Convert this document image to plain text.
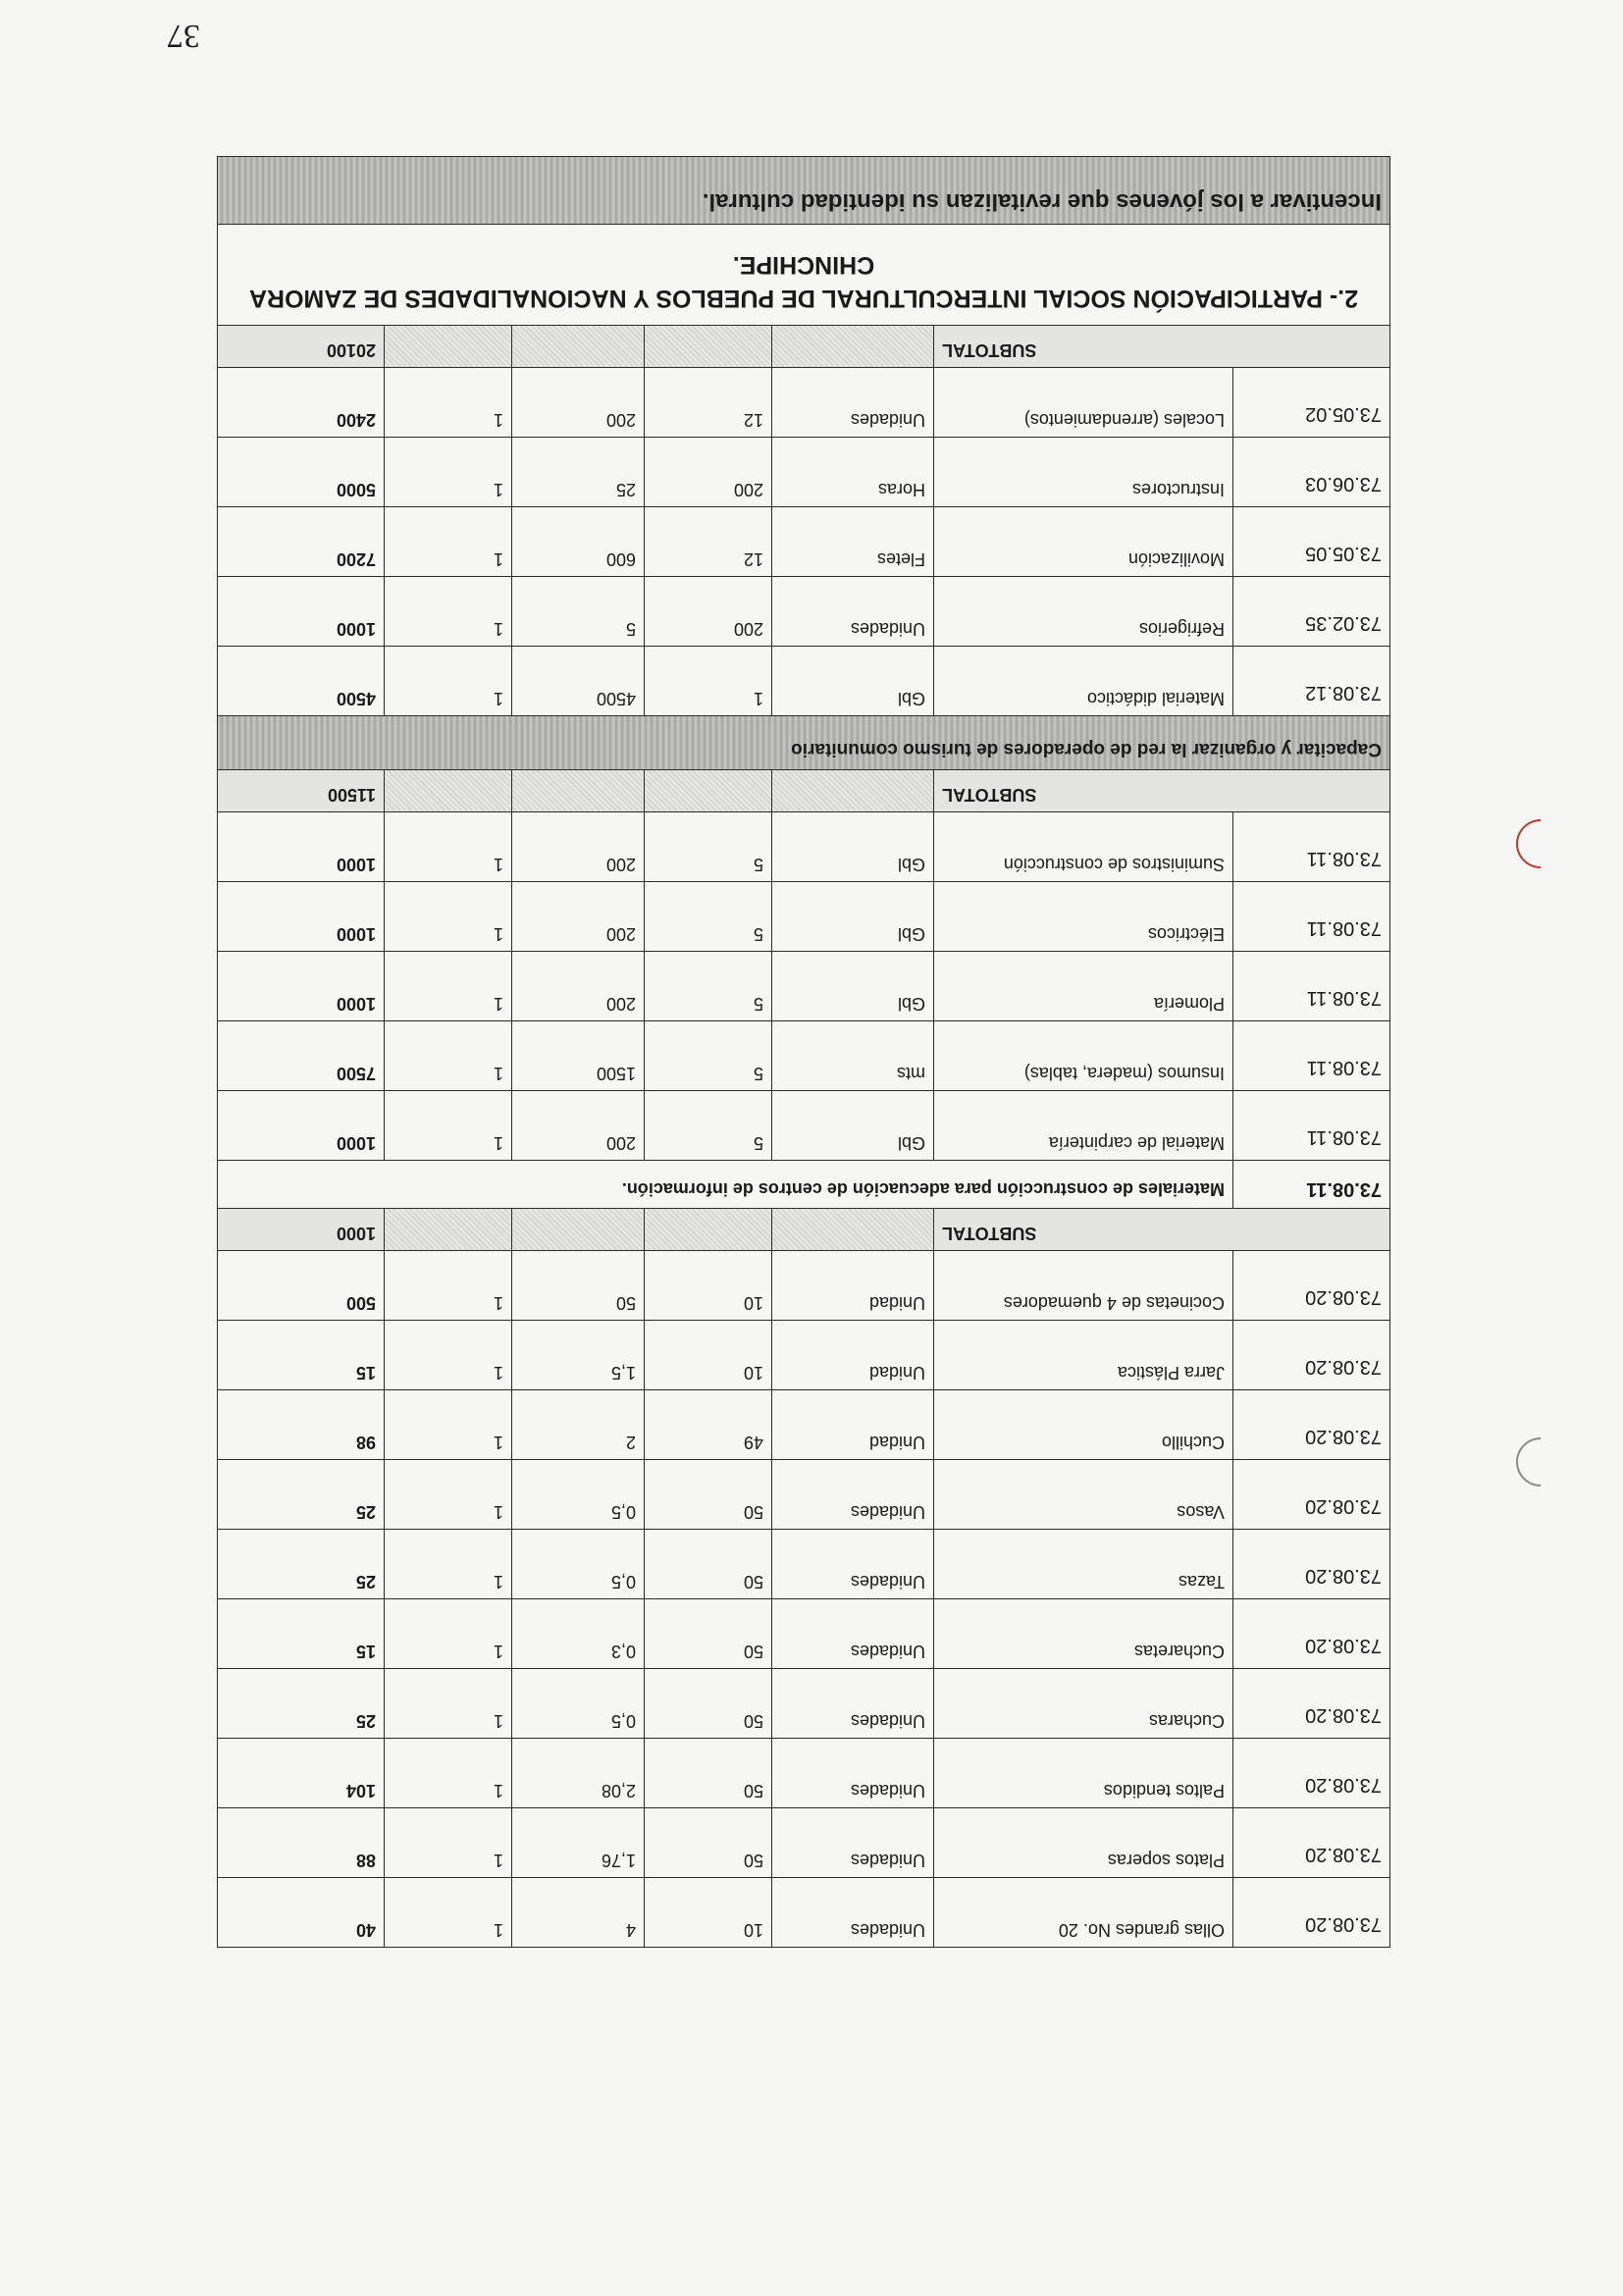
37
73.08.20	Ollas grandes No. 20	Unidades	10	4	1	40
73.08.20	Platos soperas	Unidades	50	1,76	1	88
73.08.20	Paltos tendidos	Unidades	50	2,08	1	104
73.08.20	Cucharas	Unidades	50	0,5	1	25
73.08.20	Cucharetas	Unidades	50	0,3	1	15
73.08.20	Tazas	Unidades	50	0,5	1	25
73.08.20	Vasos	Unidades	50	0,5	1	25
73.08.20	Cuchillo	Unidad	49	2	1	98
73.08.20	Jarra Plástica	Unidad	10	1,5	1	15
73.08.20	Cocinetas de 4 quemadores	Unidad	10	50	1	500
SUBTOTAL						1000
73.08.11	Materiales de construcción para adecuación de centros de información.					
73.08.11	Material de carpintería	Gbl	5	200	1	1000
73.08.11	Insumos (madera, tablas)	mts	5	1500	1	7500
73.08.11	Plomería	Gbl	5	200	1	1000
73.08.11	Eléctricos	Gbl	5	200	1	1000
73.08.11	Suministros de construcción	Gbl	5	200	1	1000
SUBTOTAL						11500
Capacitar y organizar la red de operadores de turismo comunitario						
73.08.12	Material didáctico	Gbl	1	4500	1	4500
73.02.35	Refrigerios	Unidades	200	5	1	1000
73.05.05	Movilización	Fletes	12	600	1	7200
73.06.03	Instructores	Horas	200	25	1	5000
73.05.02	Locales (arrendamientos)	Unidades	12	200	1	2400
SUBTOTAL						20100
2.- PARTICIPACIÓN SOCIAL INTERCULTURAL DE PUEBLOS Y NACIONALIDADES DE ZAMORA CHINCHIPE.						
Incentivar a los jóvenes que revitalizan su identidad cultural.						
